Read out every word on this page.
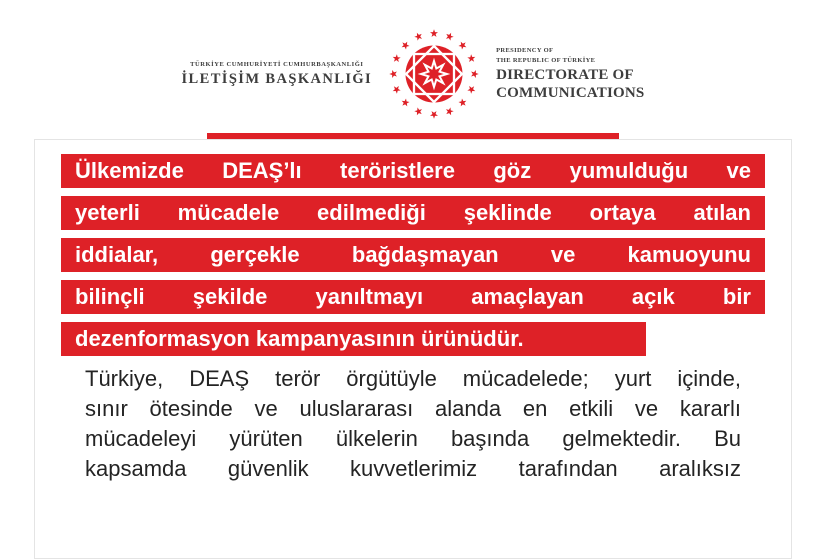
TÜRKİYE CUMHURİYETİ CUMHURBAŞKANLIĞI
İLETİŞİM BAŞKANLIĞI
PRESIDENCY OF
THE REPUBLIC OF TÜRKİYE
DIRECTORATE OF
COMMUNICATIONS
Ülkemizde DEAŞ’lı teröristlere göz yumulduğu ve
yeterli mücadele edilmediği şeklinde ortaya atılan
iddialar, gerçekle bağdaşmayan ve kamuoyunu
bilinçli şekilde yanıltmayı amaçlayan açık bir
dezenformasyon kampanyasının ürünüdür.
Türkiye, DEAŞ terör örgütüyle mücadelede; yurt içinde,
sınır ötesinde ve uluslararası alanda en etkili ve kararlı
mücadeleyi yürüten ülkelerin başında gelmektedir. Bu
kapsamda güvenlik kuvvetlerimiz tarafından aralıksız
